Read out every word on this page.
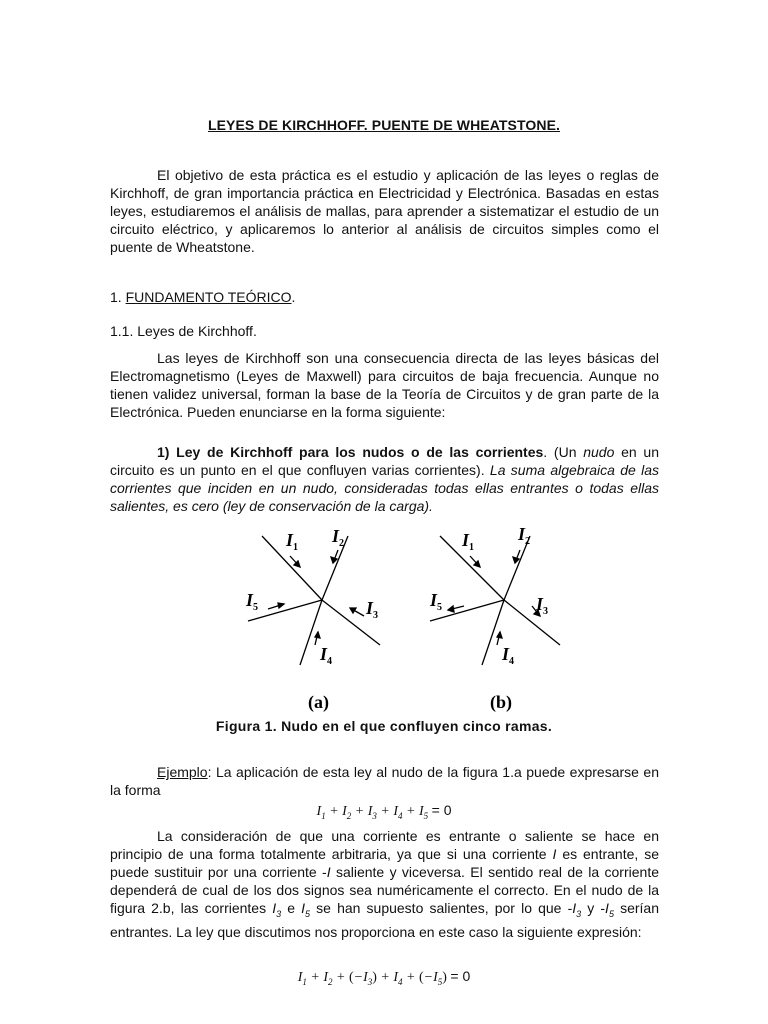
LEYES DE KIRCHHOFF. PUENTE DE WHEATSTONE.
El objetivo de esta práctica es el estudio y aplicación de las leyes o reglas de Kirchhoff, de gran importancia práctica en Electricidad y Electrónica. Basadas en estas leyes, estudiaremos el análisis de mallas, para aprender a sistematizar el estudio de un circuito eléctrico, y aplicaremos lo anterior al análisis de circuitos simples como el puente de Wheatstone.
1. FUNDAMENTO TEÓRICO.
1.1. Leyes de Kirchhoff.
Las leyes de Kirchhoff son una consecuencia directa de las leyes básicas del Electromagnetismo (Leyes de Maxwell) para circuitos de baja frecuencia. Aunque no tienen validez universal, forman la base de la Teoría de Circuitos y de gran parte de la Electrónica. Pueden enunciarse en la forma siguiente:
1) Ley de Kirchhoff para los nudos o de las corrientes. (Un nudo en un circuito es un punto en el que confluyen varias corrientes). La suma algebraica de las corrientes que inciden en un nudo, consideradas todas ellas entrantes o todas ellas salientes, es cero (ley de conservación de la carga).
$I_1$
$I_2$
$I_5$	$I_3$
$I_4$
$I_1$
$I_2$
$I_5$	$I_3$
$I_4$
(a)	(b)
Figura 1. Nudo en el que confluyen cinco ramas.
Ejemplo: La aplicación de esta ley al nudo de la figura 1.a puede expresarse en la forma
$I_1 + I_2 + I_3 + I_4 + I_5 = 0$
La consideración de que una corriente es entrante o saliente se hace en principio de una forma totalmente arbitraria, ya que si una corriente I es entrante, se puede sustituir por una corriente -I saliente y viceversa. El sentido real de la corriente dependerá de cual de los dos signos sea numéricamente el correcto. En el nudo de la figura 2.b, las corrientes $I_3$ e $I_5$ se han supuesto salientes, por lo que $-I_3$ y $-I_5$ serían entrantes. La ley que discutimos nos proporciona en este caso la siguiente expresión:
$I_1 + I_2 + (-I_3) + I_4 + (-I_5) = 0$
